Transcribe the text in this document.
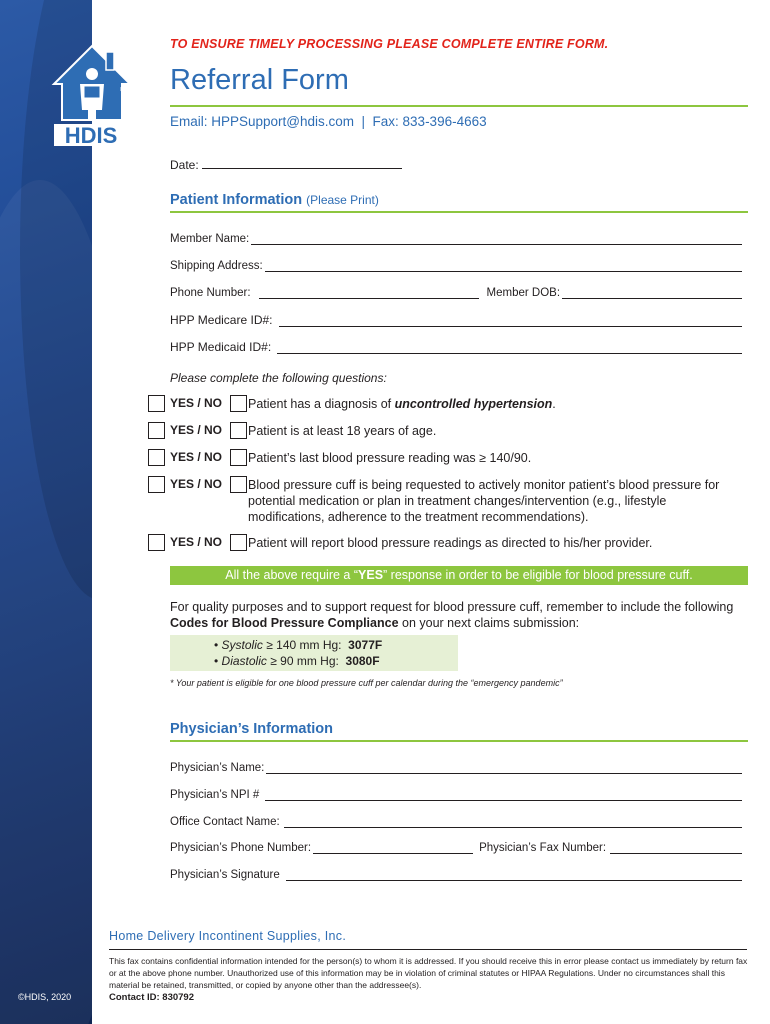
©HDIS, 2020
®
HDIS
TO ENSURE TIMELY PROCESSING PLEASE COMPLETE ENTIRE FORM.
Referral Form
Email: HPPSupport@hdis.com  |  Fax: 833-396-4663
Date:
Patient Information (Please Print)
Member Name:
Shipping Address:
Phone Number:	Member DOB:
HPP Medicare ID#:
HPP Medicaid ID#:
Please complete the following questions:
YES / NO Patient has a diagnosis of uncontrolled hypertension.
YES / NO Patient is at least 18 years of age.
YES / NO Patient’s last blood pressure reading was ≥ 140/90.
YES / NO Blood pressure cuff is being requested to actively monitor patient’s blood pressure for potential medication or plan in treatment changes/intervention (e.g., lifestyle modifications, adherence to the treatment recommendations).
YES / NO Patient will report blood pressure readings as directed to his/her provider.
All the above require a “YES” response in order to be eligible for blood pressure cuff.
For quality purposes and to support request for blood pressure cuff, remember to include the following Codes for Blood Pressure Compliance on your next claims submission:
• Systolic ≥ 140 mm Hg:  3077F
• Diastolic ≥ 90 mm Hg:  3080F
* Your patient is eligible for one blood pressure cuff per calendar during the “emergency pandemic”
Physician’s Information
Physician’s Name:
Physician’s NPI #
Office Contact Name:
Physician’s Phone Number:	Physician’s Fax Number:
Physician’s Signature
Home Delivery Incontinent Supplies, Inc.
This fax contains confidential information intended for the person(s) to whom it is addressed. If you should receive this in error please contact us immediately by return fax or at the above phone number. Unauthorized use of this information may be in violation of criminal statutes or HIPAA Regulations. Under no circumstances shall this material be retained, transmitted, or copied by anyone other than the addressee(s).
Contact ID: 830792
